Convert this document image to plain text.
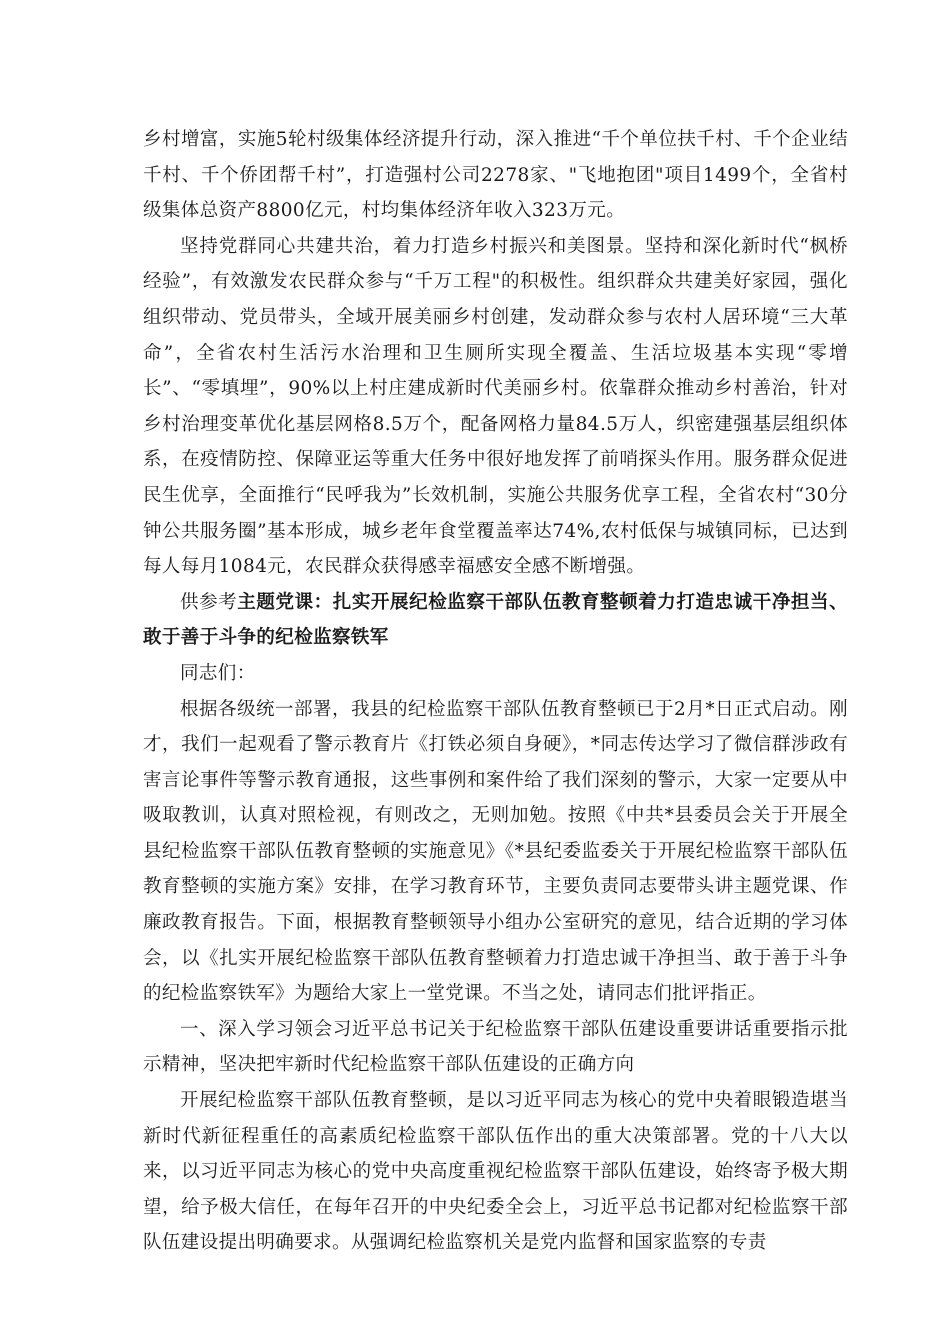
乡村增富，实施5轮村级集体经济提升行动，深入推进“千个单位扶千村、千个企业结千村、千个侨团帮千村”，打造强村公司2278家、"飞地抱团"项目1499个，全省村级集体总资产8800亿元，村均集体经济年收入323万元。

坚持党群同心共建共治，着力打造乡村振兴和美图景。坚持和深化新时代“枫桥经验”，有效激发农民群众参与“千万工程"的积极性。组织群众共建美好家园，强化组织带动、党员带头，全域开展美丽乡村创建，发动群众参与农村人居环境“三大革命”，全省农村生活污水治理和卫生厕所实现全覆盖、生活垃圾基本实现“零增长”、“零填埋”，90%以上村庄建成新时代美丽乡村。依靠群众推动乡村善治，针对乡村治理变革优化基层网格8.5万个，配备网格力量84.5万人，织密建强基层组织体系，在疫情防控、保障亚运等重大任务中很好地发挥了前哨探头作用。服务群众促进民生优享，全面推行“民呼我为”长效机制，实施公共服务优享工程，全省农村“30分钟公共服务圈”基本形成，城乡老年食堂覆盖率达74%,农村低保与城镇同标，已达到每人每月1084元，农民群众获得感幸福感安全感不断增强。

供参考主题党课：扎实开展纪检监察干部队伍教育整顿着力打造忠诚干净担当、敢于善于斗争的纪检监察铁军

同志们：

根据各级统一部署，我县的纪检监察干部队伍教育整顿已于2月*日正式启动。刚才，我们一起观看了警示教育片《打铁必须自身硬》，*同志传达学习了微信群涉政有害言论事件等警示教育通报，这些事例和案件给了我们深刻的警示，大家一定要从中吸取教训，认真对照检视，有则改之，无则加勉。按照《中共*县委员会关于开展全县纪检监察干部队伍教育整顿的实施意见》《*县纪委监委关于开展纪检监察干部队伍教育整顿的实施方案》安排，在学习教育环节，主要负责同志要带头讲主题党课、作廉政教育报告。下面，根据教育整顿领导小组办公室研究的意见，结合近期的学习体会，以《扎实开展纪检监察干部队伍教育整顿着力打造忠诚干净担当、敢于善于斗争的纪检监察铁军》为题给大家上一堂党课。不当之处，请同志们批评指正。

一、深入学习领会习近平总书记关于纪检监察干部队伍建设重要讲话重要指示批示精神，坚决把牢新时代纪检监察干部队伍建设的正确方向

开展纪检监察干部队伍教育整顿，是以习近平同志为核心的党中央着眼锻造堪当新时代新征程重任的高素质纪检监察干部队伍作出的重大决策部署。党的十八大以来，以习近平同志为核心的党中央高度重视纪检监察干部队伍建设，始终寄予极大期望，给予极大信任，在每年召开的中央纪委全会上，习近平总书记都对纪检监察干部队伍建设提出明确要求。从强调纪检监察机关是党内监督和国家监察的专责
